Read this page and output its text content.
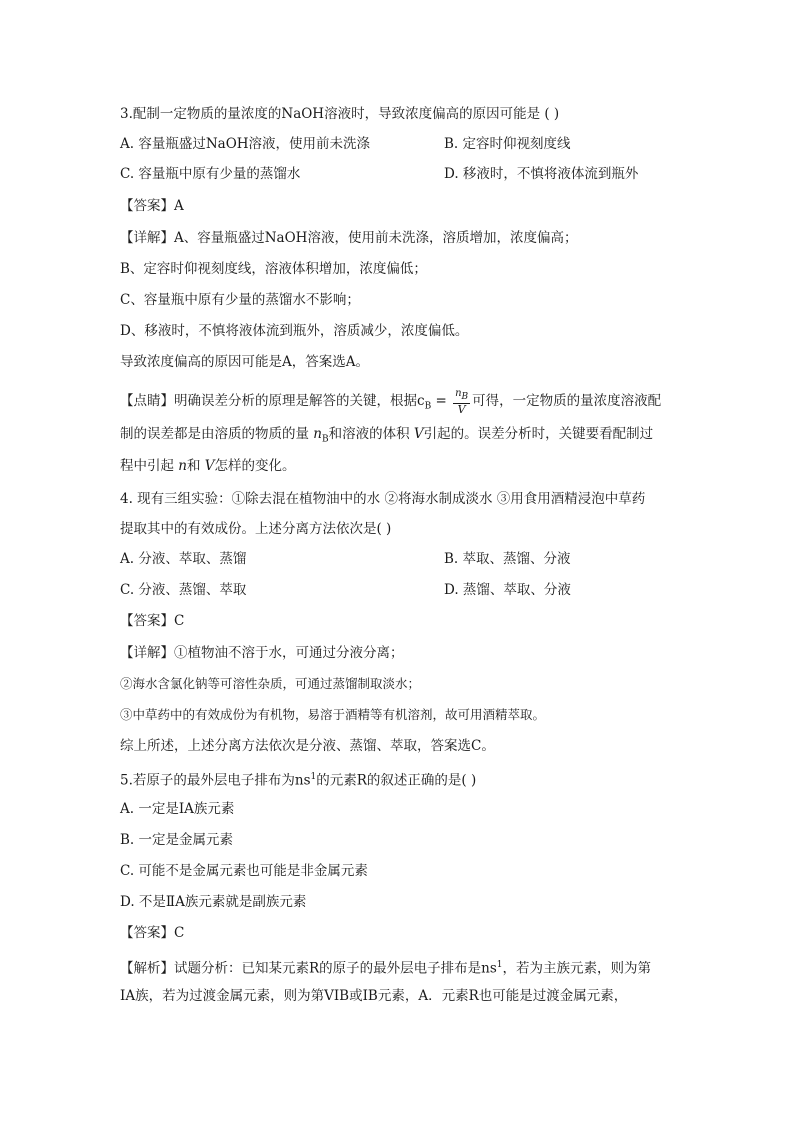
3.配制一定物质的量浓度的NaOH溶液时，导致浓度偏高的原因可能是 ( )
A. 容量瓶盛过NaOH溶液，使用前未洗涤	B. 定容时仰视刻度线
C. 容量瓶中原有少量的蒸馏水	D. 移液时，不慎将液体流到瓶外
【答案】A
【详解】A、容量瓶盛过NaOH溶液，使用前未洗涤，溶质增加，浓度偏高；
B、定容时仰视刻度线，溶液体积增加，浓度偏低；
C、容量瓶中原有少量的蒸馏水不影响；
D、移液时，不慎将液体流到瓶外，溶质减少，浓度偏低。
导致浓度偏高的原因可能是A，答案选A。
【点睛】明确误差分析的原理是解答的关键，根据$c_B = \frac{n_B}{V}$ 可得，一定物质的量浓度溶液配
制的误差都是由溶质的物质的量 $n_B$和溶液的体积 V引起的。误差分析时，关键要看配制过
程中引起 n和 V怎样的变化。
4. 现有三组实验：①除去混在植物油中的水 ②将海水制成淡水 ③用食用酒精浸泡中草药
提取其中的有效成份。上述分离方法依次是( )
A. 分液、萃取、蒸馏	B. 萃取、蒸馏、分液
C. 分液、蒸馏、萃取	D. 蒸馏、萃取、分液
【答案】C
【详解】①植物油不溶于水，可通过分液分离；
②海水含氯化钠等可溶性杂质，可通过蒸馏制取淡水；
③中草药中的有效成份为有机物，易溶于酒精等有机溶剂，故可用酒精萃取。
综上所述，上述分离方法依次是分液、蒸馏、萃取，答案选C。
5.若原子的最外层电子排布为$ns^1$的元素R的叙述正确的是( )
A. 一定是ⅠA族元素
B. 一定是金属元素
C. 可能不是金属元素也可能是非金属元素
D. 不是ⅡA族元素就是副族元素
【答案】C
【解析】试题分析：已知某元素R的原子的最外层电子排布是$ns^1$，若为主族元素，则为第
IA族，若为过渡金属元素，则为第VIB或IB元素，A．元素R也可能是过渡金属元素，
